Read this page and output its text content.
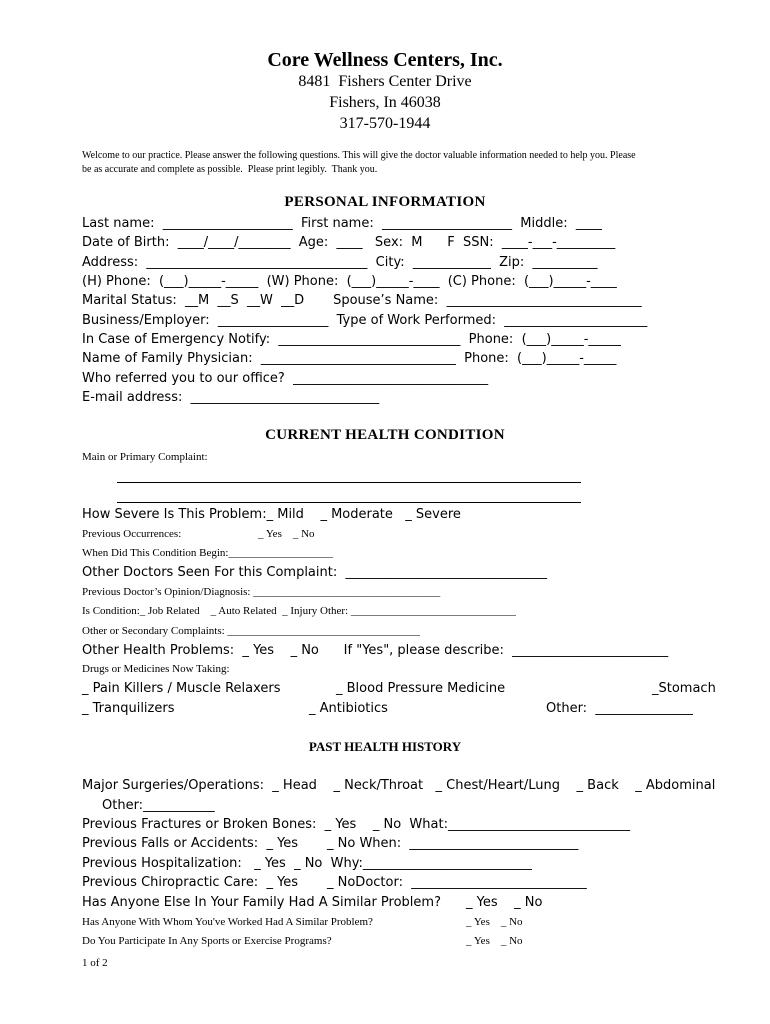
Core Wellness Centers, Inc.
8481  Fishers Center Drive
Fishers, In 46038
317-570-1944
Welcome to our practice. Please answer the following questions. This will give the doctor valuable information needed to help you. Please
be as accurate and complete as possible.  Please print legibly.  Thank you.
PERSONAL INFORMATION
Last name:  ____________________  First name:  ____________________  Middle:  ____
Date of Birth:  ____/____/________  Age:  ____   Sex:  M      F  SSN:  ____-___-_________
Address:  __________________________________  City:  ____________  Zip:  __________
(H) Phone:  (___)_____-_____  (W) Phone:  (___)_____-____  (C) Phone:  (___)_____-____
Marital Status:  __M  __S  __W  __D       Spouse’s Name:  ______________________________
Business/Employer:  _________________  Type of Work Performed:  ______________________
In Case of Emergency Notify:  ____________________________  Phone:  (___)_____-_____
Name of Family Physician:  ______________________________  Phone:  (___)_____-_____
Who referred you to our office?  ______________________________
E-mail address:  _____________________________
CURRENT HEALTH CONDITION
Main or Primary Complaint:
How Severe Is This Problem:_ Mild    _ Moderate   _ Severe
Previous Occurrences:	_ Yes    _ No
When Did This Condition Begin:___________________
Other Doctors Seen For this Complaint:  _______________________________
Previous Doctor’s Opinion/Diagnosis: __________________________________
Is Condition:_ Job Related    _ Auto Related  _ Injury Other: ______________________________
Other or Secondary Complaints: ___________________________________
Other Health Problems:  _ Yes    _ No      If "Yes", please describe:  ________________________
Drugs or Medicines Now Taking:
_ Pain Killers / Muscle Relaxers	_ Blood Pressure Medicine	_Stomach
_ Tranquilizers	_ Antibiotics	Other:  _______________
PAST HEALTH HISTORY
Major Surgeries/Operations:  _ Head    _ Neck/Throat   _ Chest/Heart/Lung    _ Back    _ Abdominal
Other:___________
Previous Fractures or Broken Bones:  _ Yes    _ No  What:____________________________
Previous Falls or Accidents:  _ Yes       _ No When:  __________________________
Previous Hospitalization:   _ Yes  _ No  Why:__________________________
Previous Chiropractic Care:  _ Yes       _ NoDoctor:  ___________________________
Has Anyone Else In Your Family Had A Similar Problem? _ Yes    _ No
Has Anyone With Whom You've Worked Had A Similar Problem?	_ Yes    _ No
Do You Participate In Any Sports or Exercise Programs?	_ Yes    _ No
1 of 2
